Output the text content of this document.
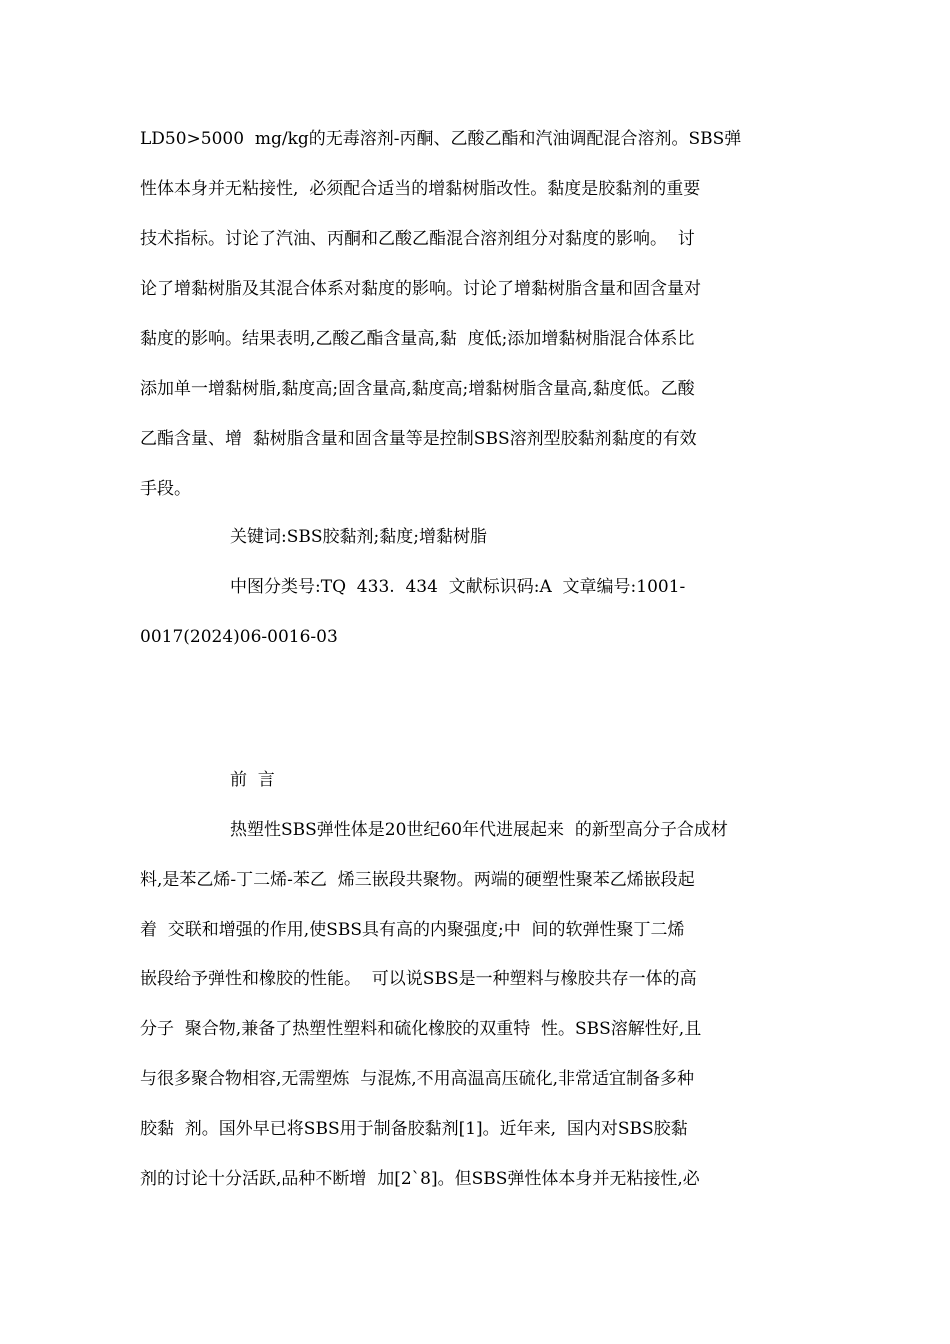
LD50>5000  mg/kg的无毒溶剂-丙酮、乙酸乙酯和汽油调配混合溶剂。SBS弹
性体本身并无粘接性,  必须配合适当的增黏树脂改性。黏度是胶黏剂的重要
技术指标。讨论了汽油、丙酮和乙酸乙酯混合溶剂组分对黏度的影响。  讨
论了增黏树脂及其混合体系对黏度的影响。讨论了增黏树脂含量和固含量对
黏度的影响。结果表明,乙酸乙酯含量高,黏  度低;添加增黏树脂混合体系比
添加单一增黏树脂,黏度高;固含量高,黏度高;增黏树脂含量高,黏度低。乙酸
乙酯含量、增  黏树脂含量和固含量等是控制SBS溶剂型胶黏剂黏度的有效
手段。
关键词:SBS胶黏剂;黏度;增黏树脂
中图分类号:TQ  433.  434  文献标识码:A  文章编号:1001-
0017(2024)06-0016-03
前  言
热塑性SBS弹性体是20世纪60年代进展起来  的新型高分子合成材
料,是苯乙烯-丁二烯-苯乙  烯三嵌段共聚物。两端的硬塑性聚苯乙烯嵌段起
着  交联和增强的作用,使SBS具有高的内聚强度;中  间的软弹性聚丁二烯
嵌段给予弹性和橡胶的性能。  可以说SBS是一种塑料与橡胶共存一体的高
分子  聚合物,兼备了热塑性塑料和硫化橡胶的双重特  性。SBS溶解性好,且
与很多聚合物相容,无需塑炼  与混炼,不用高温高压硫化,非常适宜制备多种
胶黏  剂。国外早已将SBS用于制备胶黏剂[1]。近年来,  国内对SBS胶黏
剂的讨论十分活跃,品种不断增  加[2`8]。但SBS弹性体本身并无粘接性,必
